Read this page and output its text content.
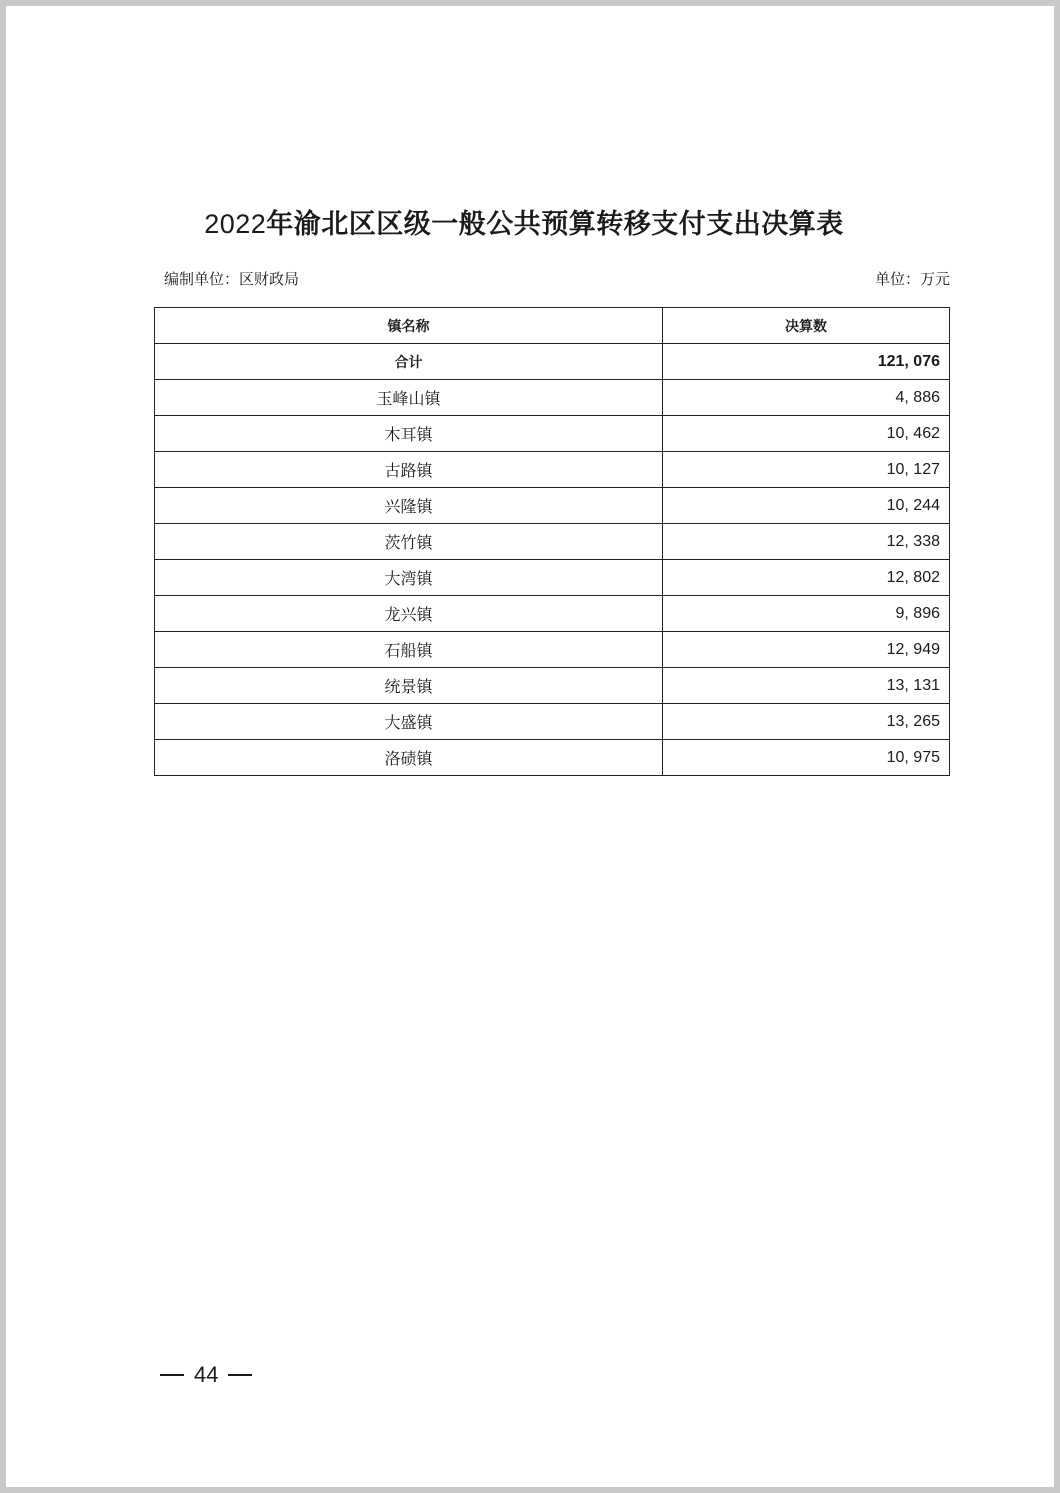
2022年渝北区区级一般公共预算转移支付支出决算表
编制单位：区财政局	单位：万元
镇名称	决算数
合计	121, 076
玉峰山镇	4, 886
木耳镇	10, 462
古路镇	10, 127
兴隆镇	10, 244
茨竹镇	12, 338
大湾镇	12, 802
龙兴镇	9, 896
石船镇	12, 949
统景镇	13, 131
大盛镇	13, 265
洛碛镇	10, 975
44
